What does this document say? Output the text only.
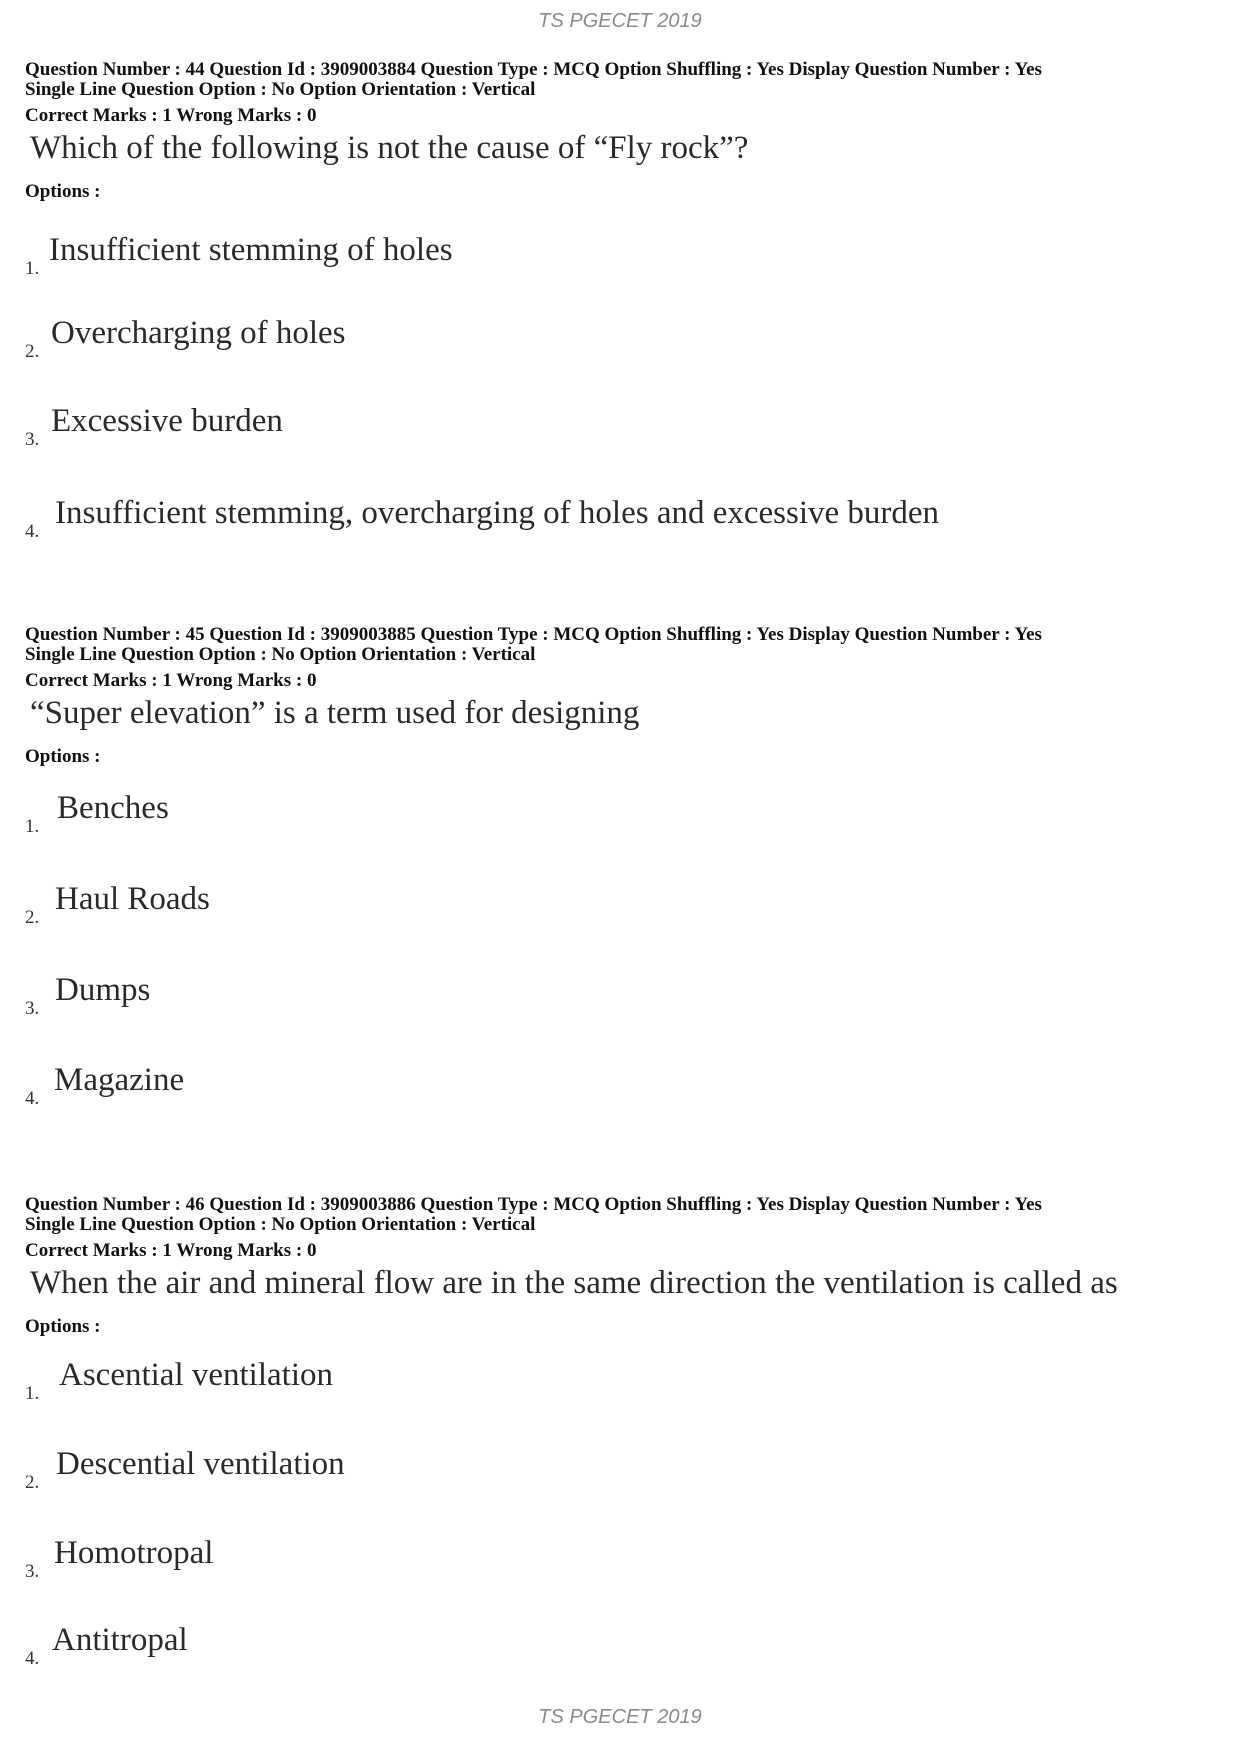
TS PGECET 2019
Question Number : 44 Question Id : 3909003884 Question Type : MCQ Option Shuffling : Yes Display Question Number : Yes
Single Line Question Option : No Option Orientation : Vertical
Correct Marks : 1 Wrong Marks : 0
Which of the following is not the cause of “Fly rock”?
Options :
1.
Insufficient stemming of holes
2.
Overcharging of holes
3.
Excessive burden
4.
Insufficient stemming, overcharging of holes and excessive burden
Question Number : 45 Question Id : 3909003885 Question Type : MCQ Option Shuffling : Yes Display Question Number : Yes
Single Line Question Option : No Option Orientation : Vertical
Correct Marks : 1 Wrong Marks : 0
“Super elevation” is a term used for designing
Options :
1.
Benches
2.
Haul Roads
3.
Dumps
4.
Magazine
Question Number : 46 Question Id : 3909003886 Question Type : MCQ Option Shuffling : Yes Display Question Number : Yes
Single Line Question Option : No Option Orientation : Vertical
Correct Marks : 1 Wrong Marks : 0
When the air and mineral flow are in the same direction the ventilation is called as
Options :
1.
Ascential ventilation
2.
Descential ventilation
3.
Homotropal
4.
Antitropal
TS PGECET 2019
